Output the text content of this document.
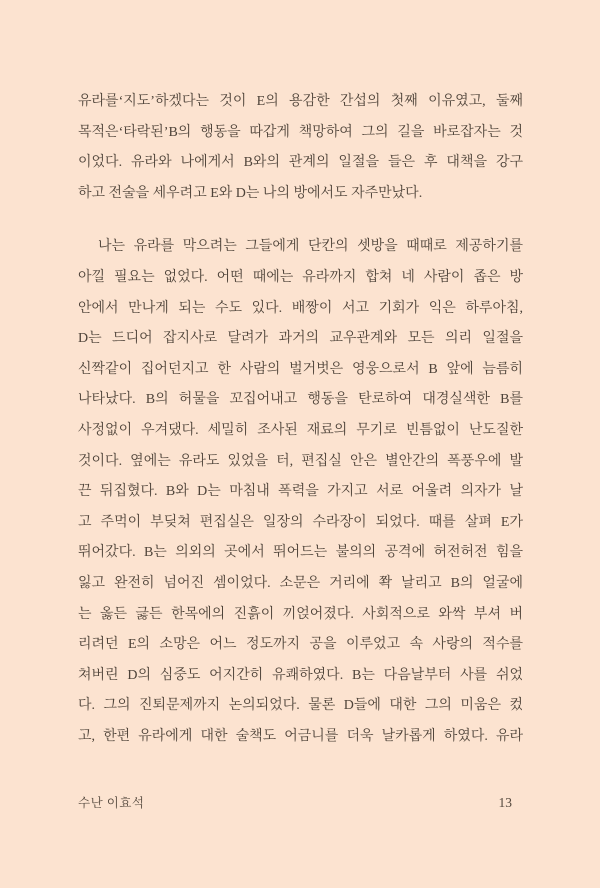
유라를‘지도’하겠다는 것이 E의 용감한 간섭의 첫째 이유였고, 둘째
목적은‘타락된’B의 행동을 따갑게 책망하여 그의 길을 바로잡자는 것
이었다. 유라와 나에게서 B와의 관계의 일절을 들은 후 대책을 강구
하고 전술을 세우려고 E와 D는 나의 방에서도 자주만났다.
나는 유라를 막으려는 그들에게 단칸의 셋방을 때때로 제공하기를
아낄 필요는 없었다. 어떤 때에는 유라까지 합쳐 네 사람이 좁은 방
안에서 만나게 되는 수도 있다. 배짱이 서고 기회가 익은 하루아침,
D는 드디어 잡지사로 달려가 과거의 교우관계와 모든 의리 일절을
신짝같이 집어던지고 한 사람의 벌거벗은 영웅으로서 B 앞에 늠름히
나타났다. B의 허물을 꼬집어내고 행동을 탄로하여 대경실색한 B를
사정없이 우겨댔다. 세밀히 조사된 재료의 무기로 빈틈없이 난도질한
것이다. 옆에는 유라도 있었을 터, 편집실 안은 별안간의 폭풍우에 발
끈 뒤집혔다. B와 D는 마침내 폭력을 가지고 서로 어울려 의자가 날
고 주먹이 부딪쳐 편집실은 일장의 수라장이 되었다. 때를 살펴 E가
뛰어갔다. B는 의외의 곳에서 뛰어드는 불의의 공격에 허전허전 힘을
잃고 완전히 넘어진 셈이었다. 소문은 거리에 쫙 날리고 B의 얼굴에
는 옳든 긇든 한목에의 진흙이 끼얹어졌다. 사회적으로 와싹 부셔 버
리려던 E의 소망은 어느 정도까지 공을 이루었고 속 사랑의 적수를
쳐버린 D의 심중도 어지간히 유쾌하였다. B는 다음날부터 사를 쉬었
다. 그의 진퇴문제까지 논의되었다. 물론 D들에 대한 그의 미움은 컸
고, 한편 유라에게 대한 술책도 어금니를 더욱 날카롭게 하였다. 유라
수난 이효석	13
